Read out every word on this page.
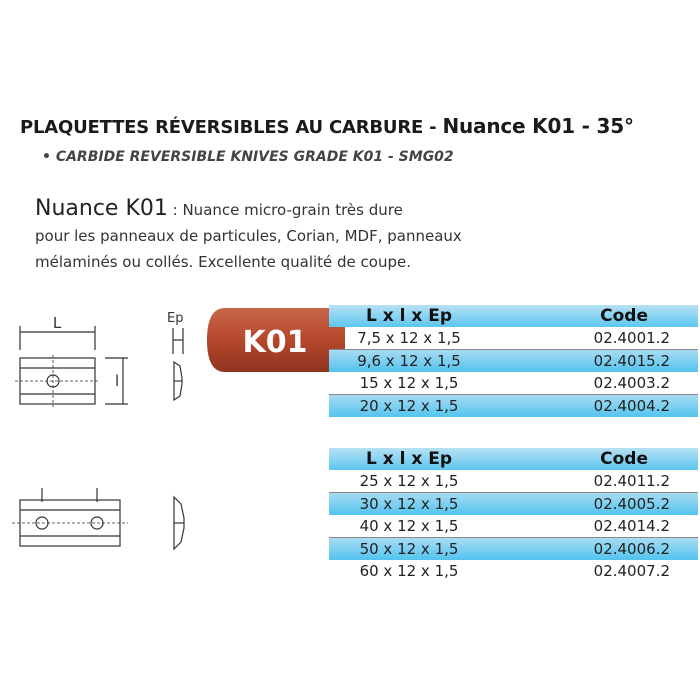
PLAQUETTES RÉVERSIBLES AU CARBURE - Nuance K01 - 35°
• CARBIDE REVERSIBLE KNIVES GRADE K01 - SMG02
Nuance K01 : Nuance micro-grain très dure
pour les panneaux de particules, Corian, MDF, panneaux
mélaminés ou collés. Excellente qualité de coupe.
L
l
Ep
K01
L x l x Ep	Code
7,5 x 12 x 1,5	02.4001.2
9,6 x 12 x 1,5	02.4015.2
15 x 12 x 1,5	02.4003.2
20 x 12 x 1,5	02.4004.2
L x l x Ep	Code
25 x 12 x 1,5	02.4011.2
30 x 12 x 1,5	02.4005.2
40 x 12 x 1,5	02.4014.2
50 x 12 x 1,5	02.4006.2
60 x 12 x 1,5	02.4007.2
